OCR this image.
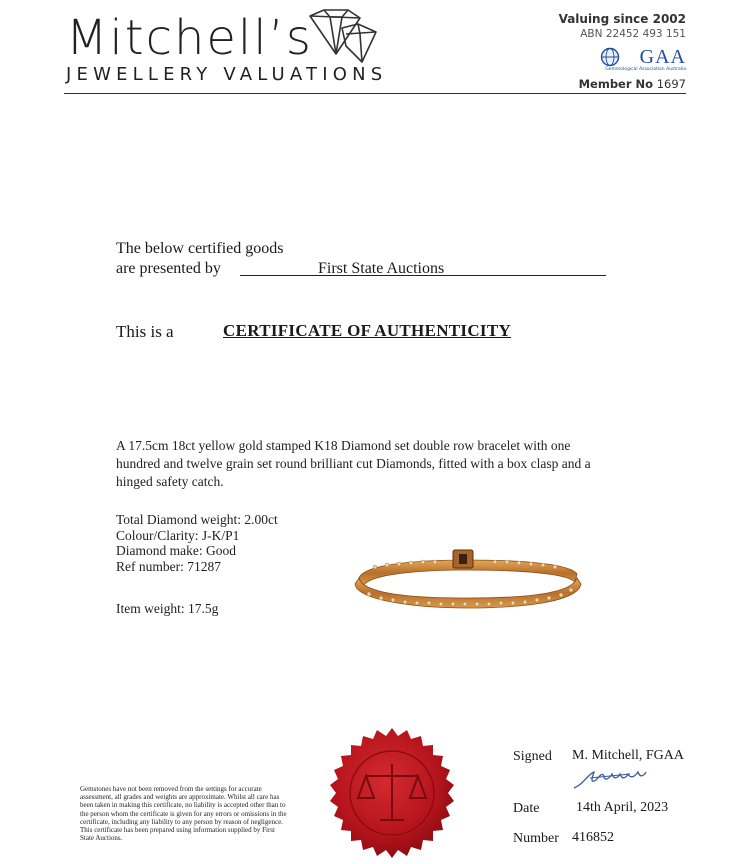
Mitchell’s
JEWELLERY VALUATIONS
Valuing since 2002
ABN 22452 493 151
GAA
Gemmological Association Australia
Member No 1697
The below certified goods
are presented by	First State Auctions
This is a	CERTIFICATE OF AUTHENTICITY
A 17.5cm 18ct yellow gold stamped K18 Diamond set double row bracelet with one hundred and twelve grain set round brilliant cut Diamonds, fitted with a box clasp and a hinged safety catch.
Total Diamond weight: 2.00ct
Colour/Clarity: J-K/P1
Diamond make: Good
Ref number: 71287
Item weight: 17.5g
Gemstones have not been removed from the settings for accurate assessment, all grades and weights are approximate. Whilst all care has been taken in making this certificate, no liability is accepted other than to the person whom the certificate is given for any errors or omissions in the certificate, including any liability to any person by reason of negligence. This certificate has been prepared using information supplied by First State Auctions.
Signed M. Mitchell, FGAA
Date	14th April, 2023
Number 416852
